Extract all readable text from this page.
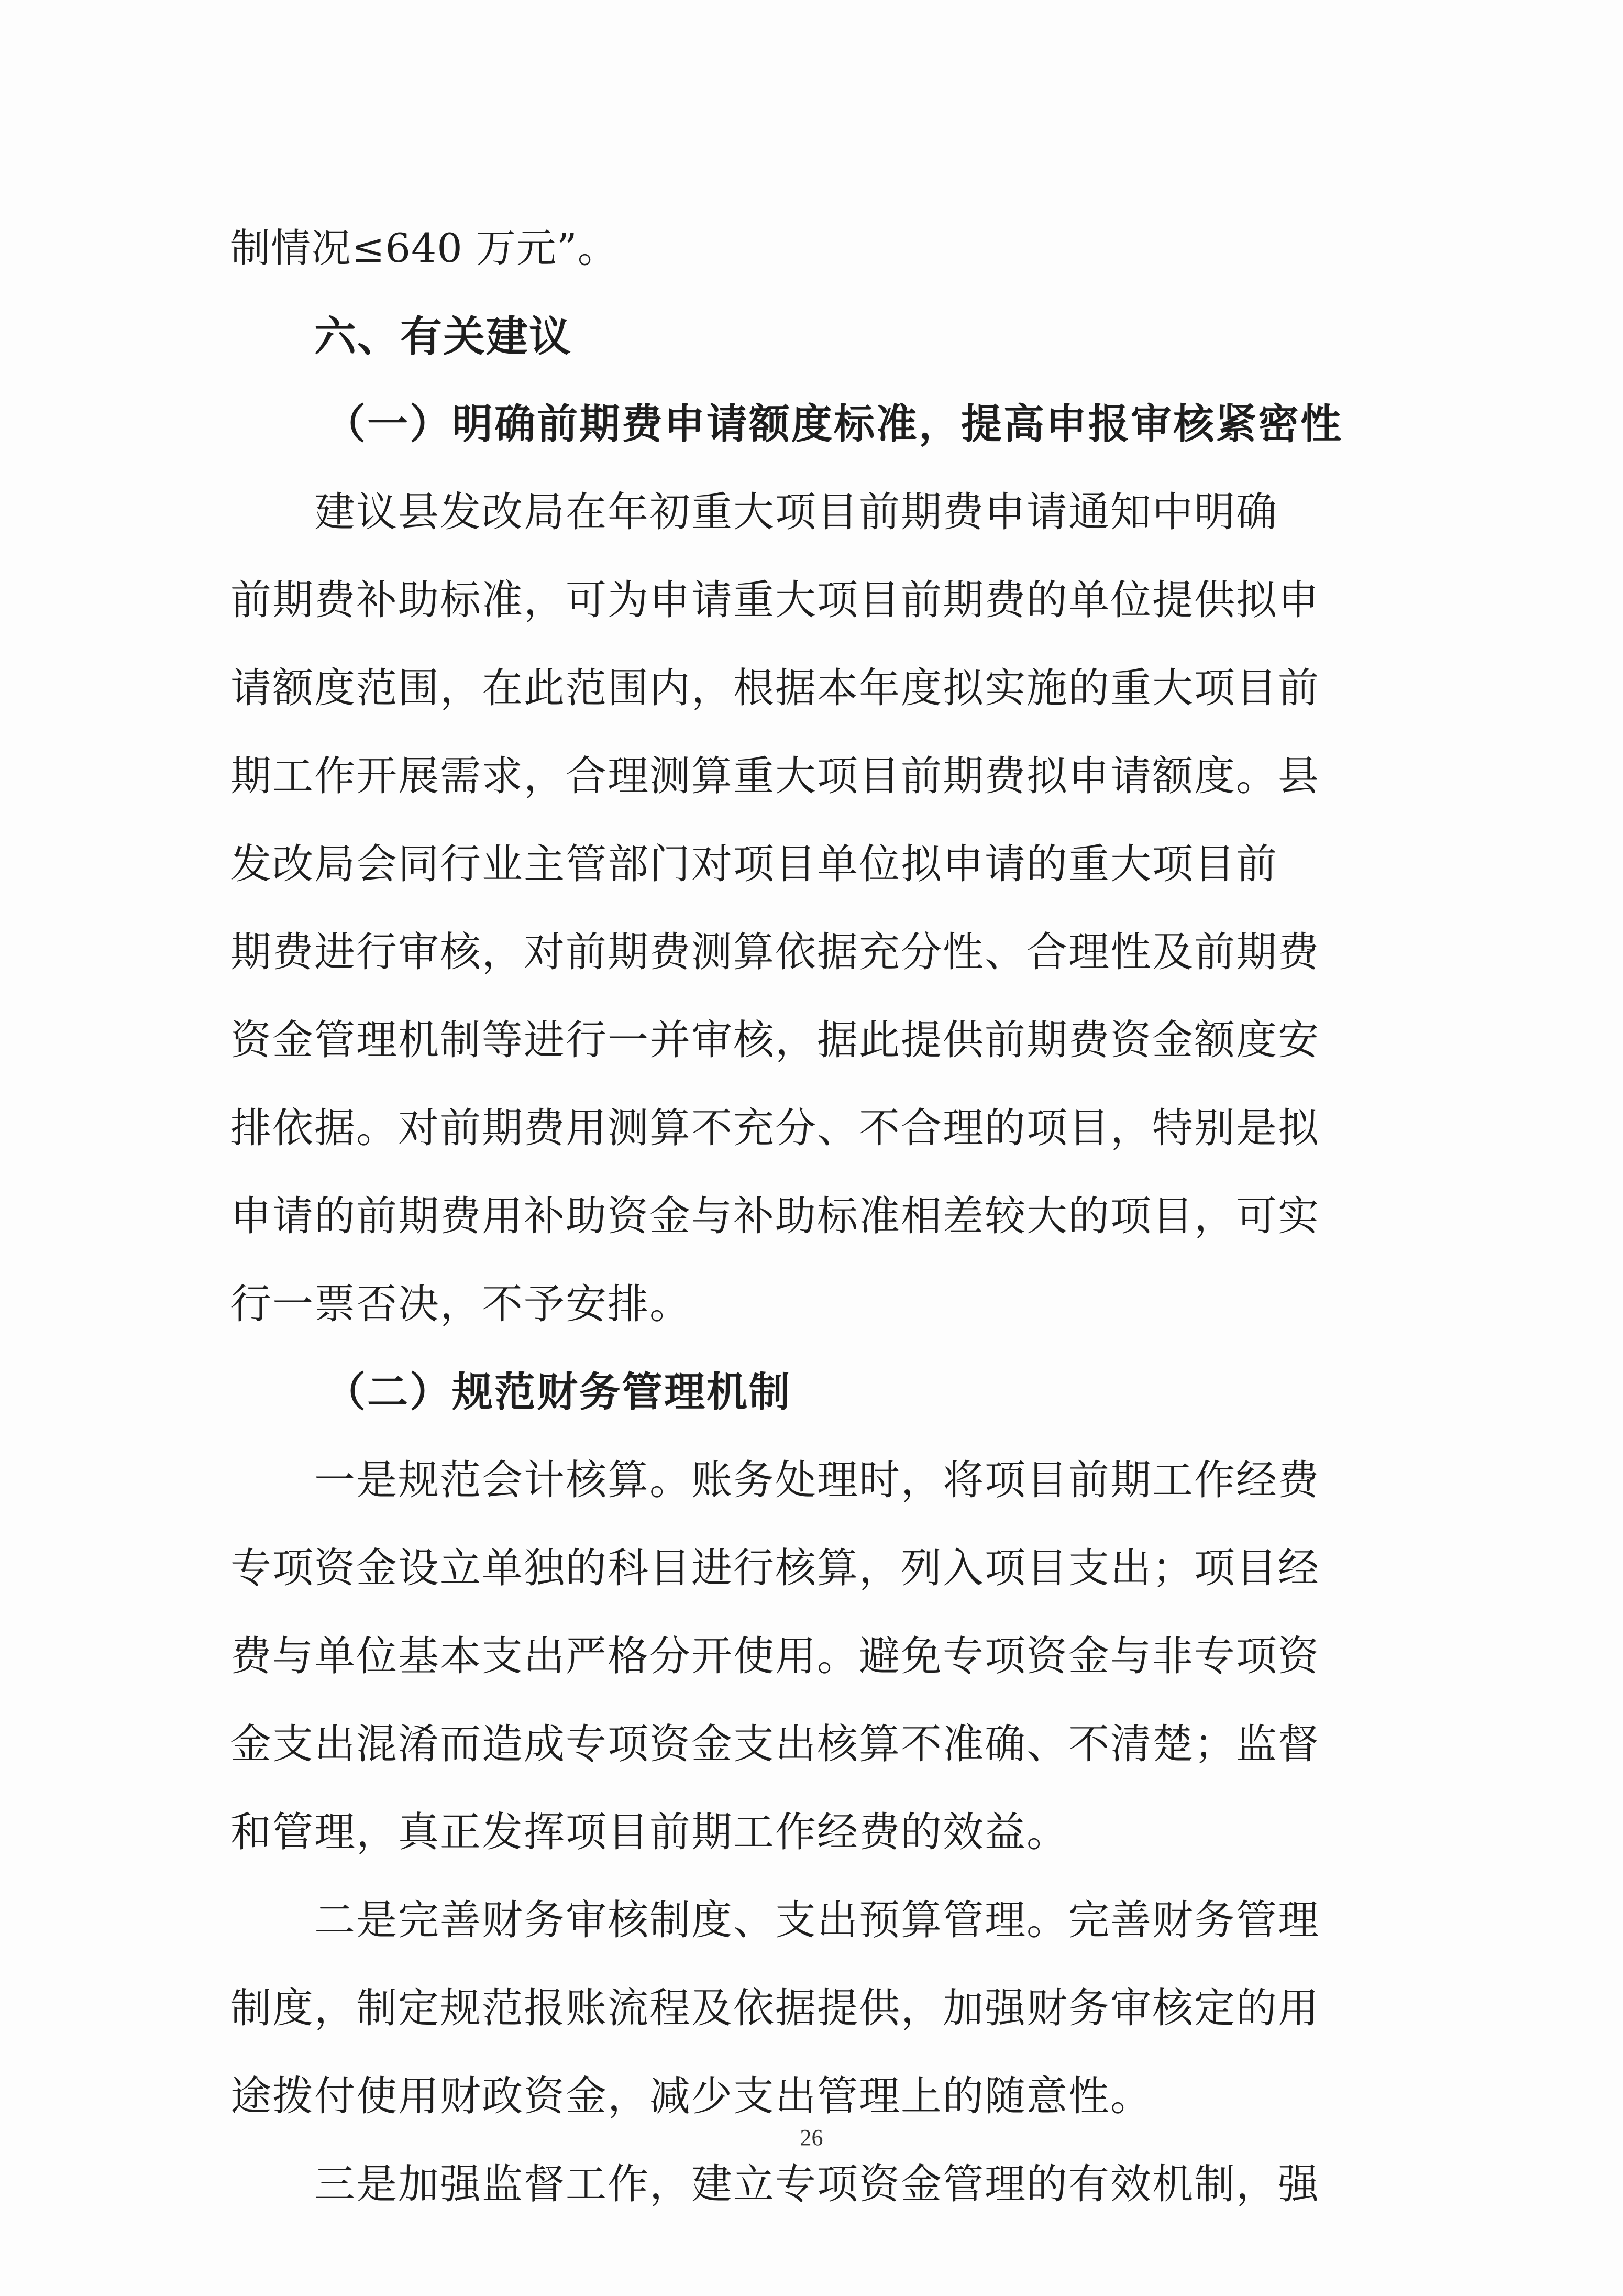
制情况≤640 万元”。
六、有关建议
（一）明确前期费申请额度标准，提高申报审核紧密性
建议县发改局在年初重大项目前期费申请通知中明确
前期费补助标准，可为申请重大项目前期费的单位提供拟申
请额度范围，在此范围内，根据本年度拟实施的重大项目前
期工作开展需求，合理测算重大项目前期费拟申请额度。县
发改局会同行业主管部门对项目单位拟申请的重大项目前
期费进行审核，对前期费测算依据充分性、合理性及前期费
资金管理机制等进行一并审核，据此提供前期费资金额度安
排依据。对前期费用测算不充分、不合理的项目，特别是拟
申请的前期费用补助资金与补助标准相差较大的项目，可实
行一票否决，不予安排。
（二）规范财务管理机制
一是规范会计核算。账务处理时，将项目前期工作经费
专项资金设立单独的科目进行核算，列入项目支出；项目经
费与单位基本支出严格分开使用。避免专项资金与非专项资
金支出混淆而造成专项资金支出核算不准确、不清楚；监督
和管理，真正发挥项目前期工作经费的效益。
二是完善财务审核制度、支出预算管理。完善财务管理
制度，制定规范报账流程及依据提供，加强财务审核定的用
途拨付使用财政资金，减少支出管理上的随意性。
三是加强监督工作，建立专项资金管理的有效机制，强
26
